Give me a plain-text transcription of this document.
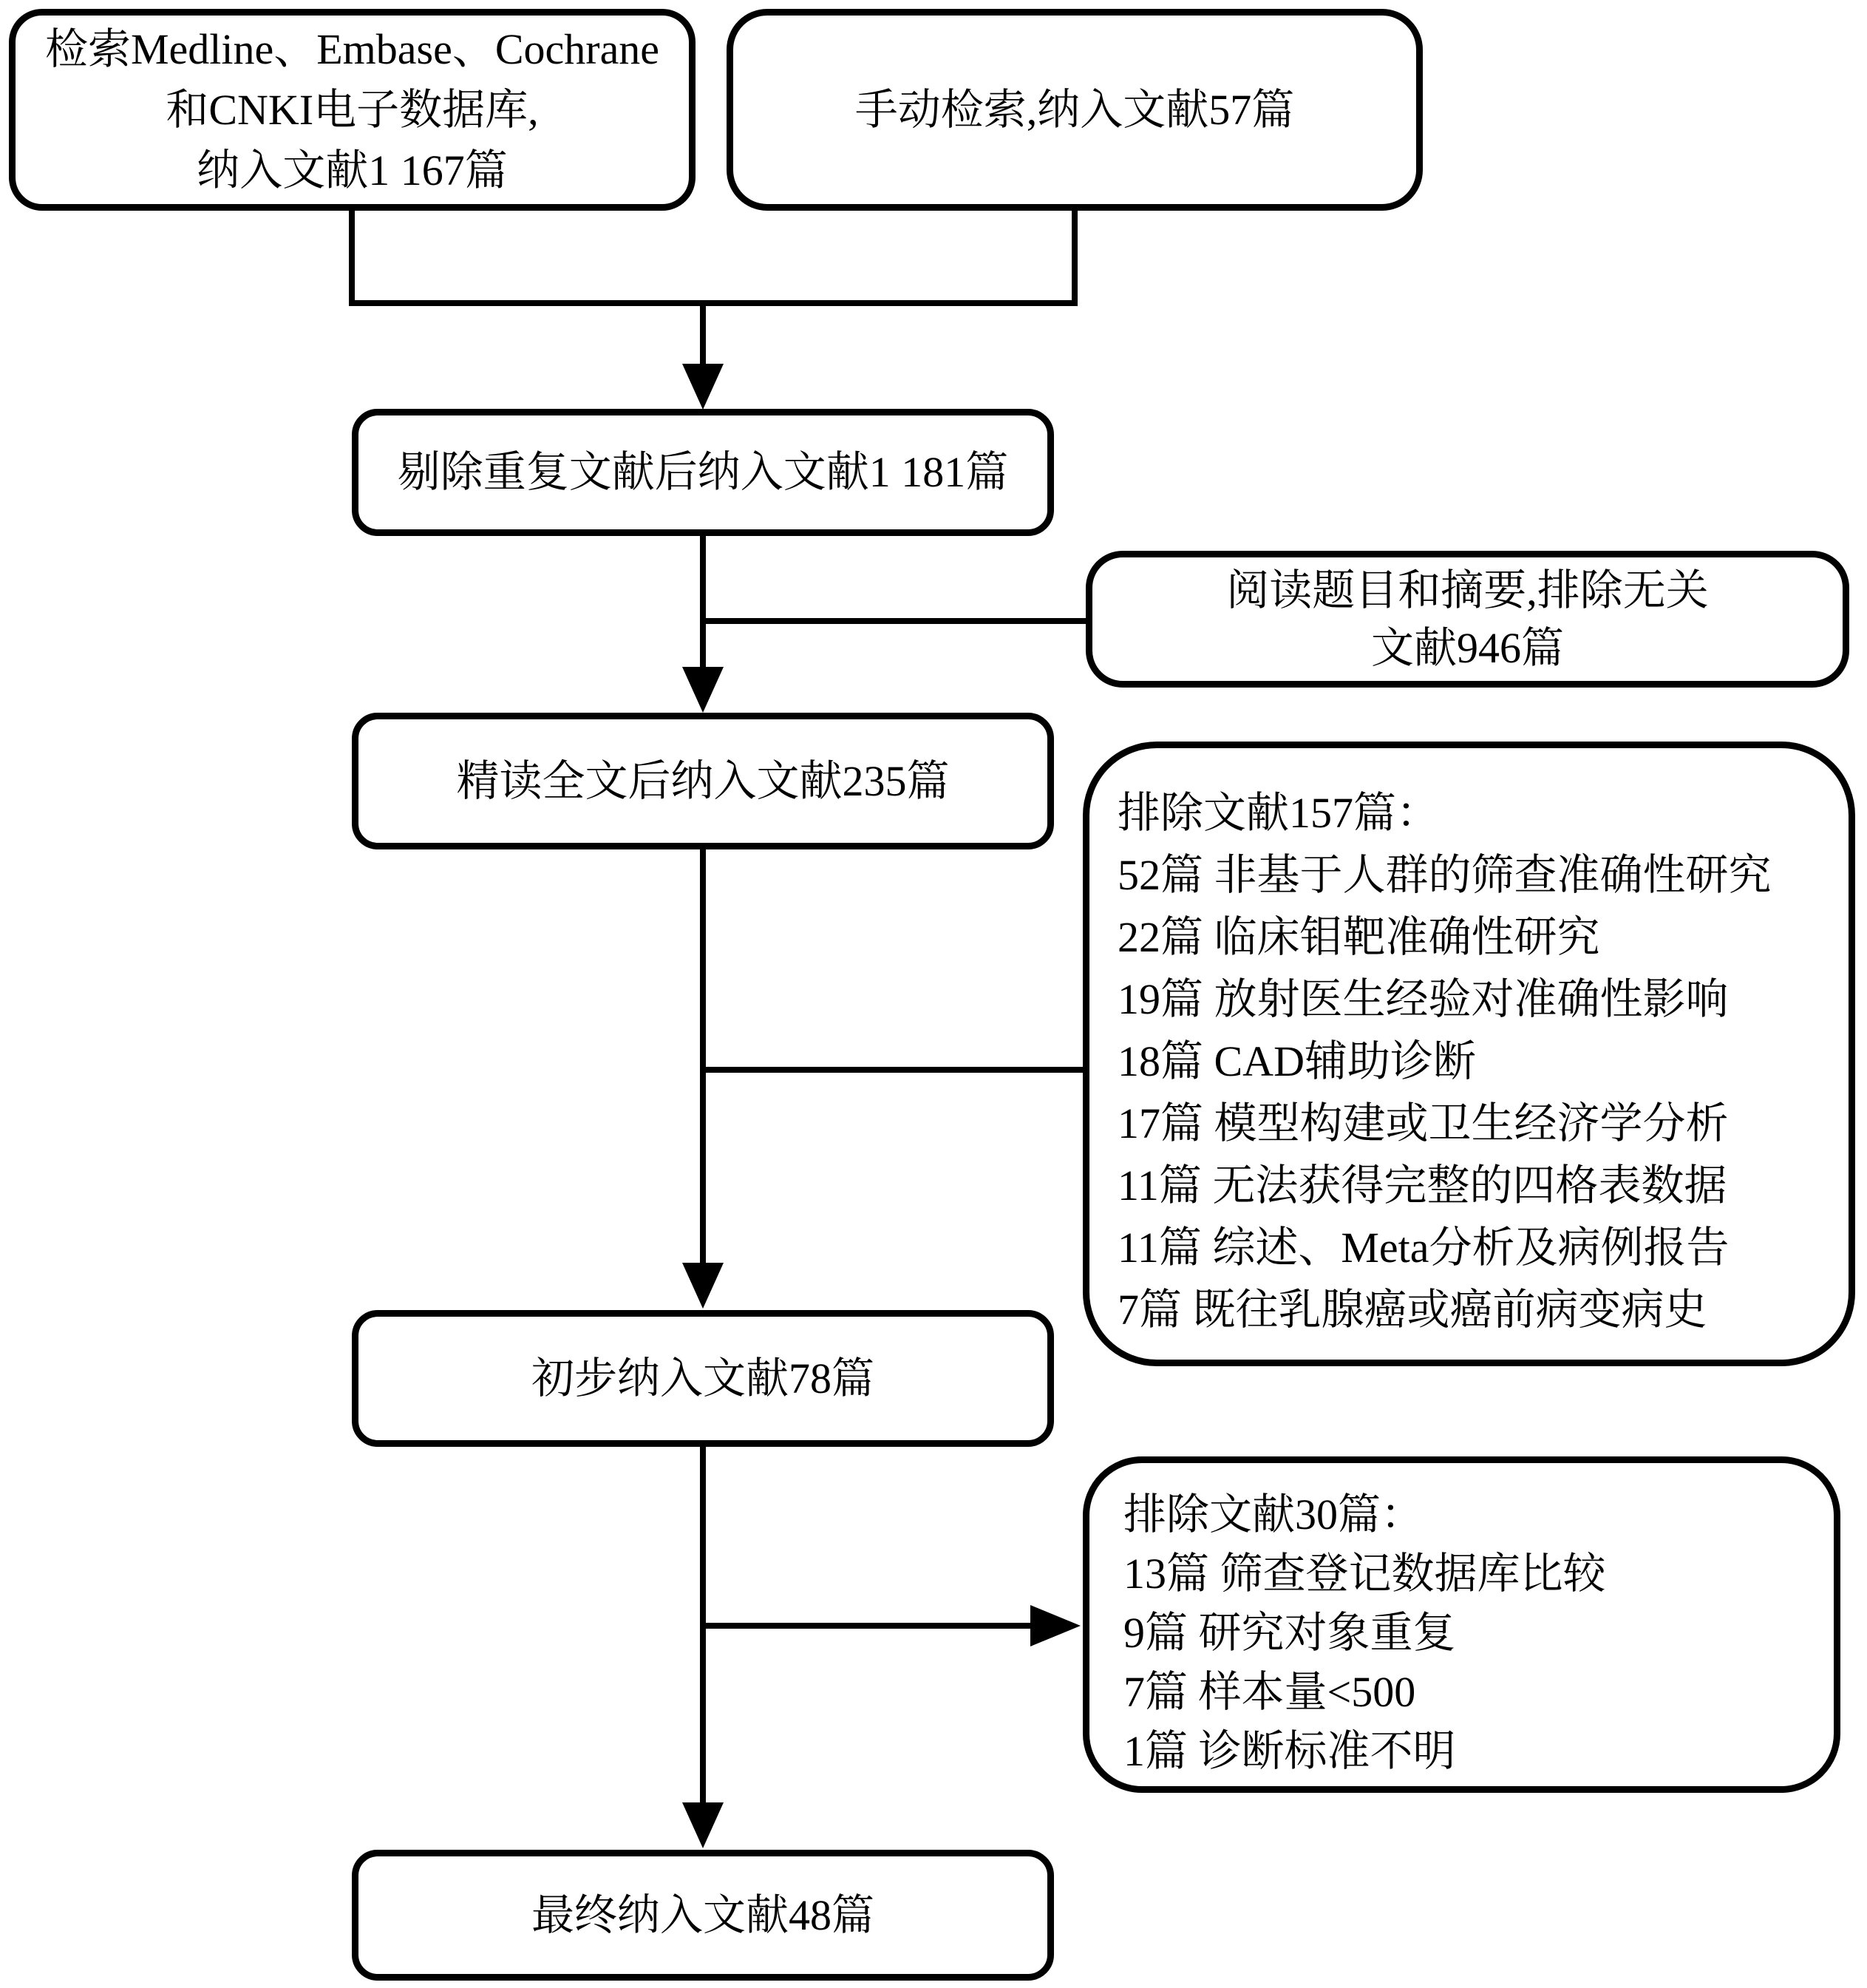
检索Medline、Embase、Cochrane
和CNKI电子数据库,
纳入文献1 167篇
手动检索,纳入文献57篇
剔除重复文献后纳入文献1 181篇
阅读题目和摘要,排除无关
文献946篇
精读全文后纳入文献235篇
排除文献157篇：
52篇 非基于人群的筛查准确性研究
22篇 临床钼靶准确性研究
19篇 放射医生经验对准确性影响
18篇 CAD辅助诊断
17篇 模型构建或卫生经济学分析
11篇 无法获得完整的四格表数据
11篇 综述、Meta分析及病例报告
7篇 既往乳腺癌或癌前病变病史
初步纳入文献78篇
排除文献30篇：
13篇 筛查登记数据库比较
9篇 研究对象重复
7篇 样本量<500
1篇 诊断标准不明
最终纳入文献48篇
